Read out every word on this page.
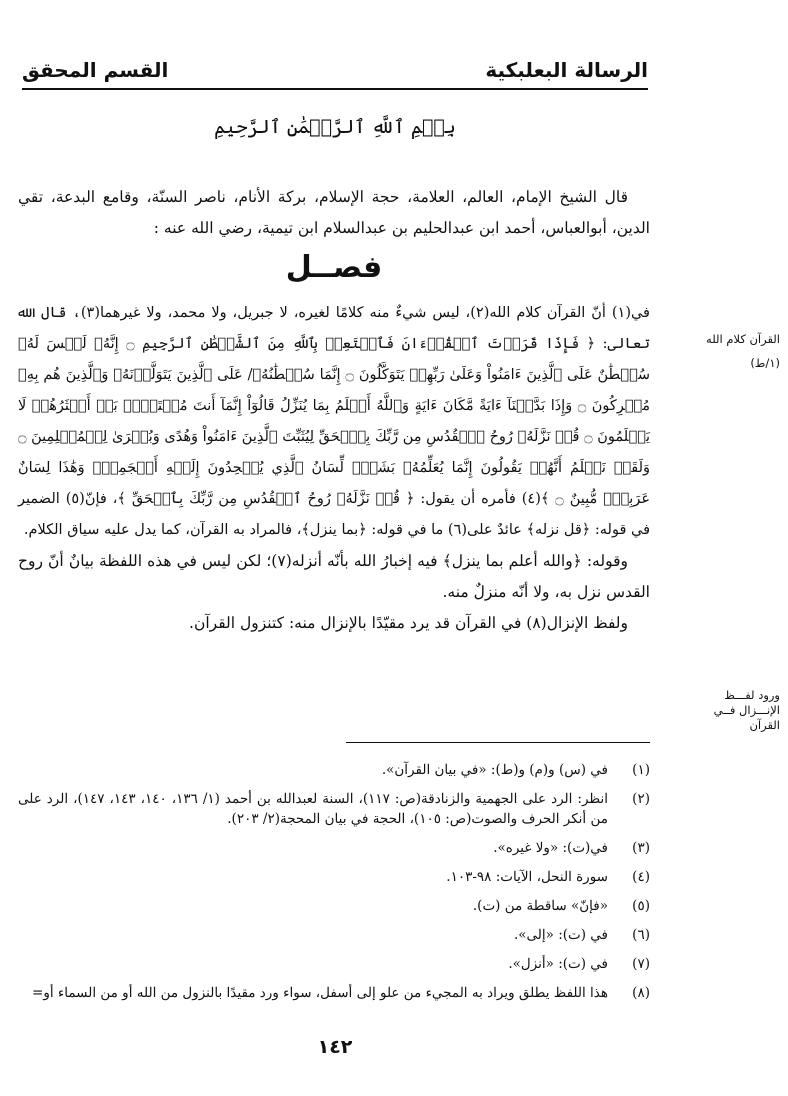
الرسالة البعلبكية
القسم المحقق
بِسۡمِ ٱللَّهِ ٱلرَّحۡمَٰنِ ٱلرَّحِيمِ

قال الشيخ الإمام، العالم، العلامة، حجة الإسلام، بركة الأنام، ناصر السنّة، وقامع البدعة، تقي الدين، أبوالعباس، أحمد ابن عبدالحليم بن عبدالسلام ابن تيمية، رضي الله عنه :

فصــل

في(١) أنّ القرآن كلام الله(٢)، ليس شيءٌ منه كلامًا لغيره، لا جبريل، ولا محمد، ولا غيرهما(٣)، قال الله تعالى: ﴿ فَإِذَا قَرَأۡتَ ٱلۡقُرۡءَانَ فَٱسۡتَعِذۡ بِٱللَّهِ مِنَ ٱلشَّيۡطَٰنِ ٱلرَّجِيمِ ۝ إِنَّهُۥ لَيۡسَ لَهُۥ سُلۡطَٰنٌ عَلَى ٱلَّذِينَ ءَامَنُواْ وَعَلَىٰ رَبِّهِمۡ يَتَوَكَّلُونَ ۝ إِنَّمَا سُلۡطَٰنُهُۥ/ عَلَى ٱلَّذِينَ يَتَوَلَّوۡنَهُۥ وَٱلَّذِينَ هُم بِهِۦ مُشۡرِكُونَ ۝ وَإِذَا بَدَّلۡنَآ ءَايَةً مَّكَانَ ءَايَةٍ وَٱللَّهُ أَعۡلَمُ بِمَا يُنَزِّلُ قَالُوٓاْ إِنَّمَآ أَنتَ مُفۡتَرِۭۚ بَلۡ أَكۡثَرُهُمۡ لَا يَعۡلَمُونَ ۝ قُلۡ نَزَّلَهُۥ رُوحُ ٱلۡقُدُسِ مِن رَّبِّكَ بِٱلۡحَقِّ لِيُثَبِّتَ ٱلَّذِينَ ءَامَنُواْ وَهُدًى وَبُشۡرَىٰ لِلۡمُسۡلِمِينَ ۝ وَلَقَدۡ نَعۡلَمُ أَنَّهُمۡ يَقُولُونَ إِنَّمَا يُعَلِّمُهُۥ بَشَرٞۗ لِّسَانُ ٱلَّذِي يُلۡحِدُونَ إِلَيۡهِ أَعۡجَمِيّٞ وَهَٰذَا لِسَانٌ عَرَبِيّٞ مُّبِينٌ ۝ ﴾(٤) فأمره أن يقول: ﴿ قُلۡ نَزَّلَهُۥ رُوحُ ٱلۡقُدُسِ مِن رَّبِّكَ بِٱلۡحَقِّ ﴾، فإنّ(٥) الضمير في قوله: ﴿قل نزله﴾ عائدٌ على(٦) ما في قوله: ﴿بما ينزل﴾، فالمراد به القرآن، كما يدل عليه سياق الكلام.

وقوله: ﴿والله أعلم بما ينزل﴾ فيه إخبارُ الله بأنّه أنزله(٧)؛ لكن ليس في هذه اللفظة بيانٌ أنّ روح القدس نزل به، ولا أنّه منزلٌ منه.

ولفظ الإنزال(٨) في القرآن قد يرد مقيّدًا بالإنزال منه: كتنزول القرآن.

القرآن كلام الله
(١/ط)
ورود لفـــظ الإنـــزال فــي القرآن
(١)
في (س) و(م) و(ط): «في بيان القرآن».
(٢)
انظر: الرد على الجهمية والزنادقة(ص: ١١٧)، السنة لعبدالله بن أحمد (١/ ١٣٦، ١٤٠، ١٤٣، ١٤٧)، الرد على من أنكر الحرف والصوت(ص: ١٠٥)، الحجة في بيان المحجة(٢/ ٢٠٣).
(٣)
في(ت): «ولا غيره».
(٤)
سورة النحل، الآيات: ٩٨-١٠٣.
(٥)
«فإنّ» ساقطة من (ت).
(٦)
في (ت): «إلى».
(٧)
في (ت): «أنزل».
(٨)
هذا اللفظ يطلق ويراد به المجيء من علو إلى أسفل، سواء ورد مقيدًا بالنزول من الله أو من السماء أو=
١٤٢
